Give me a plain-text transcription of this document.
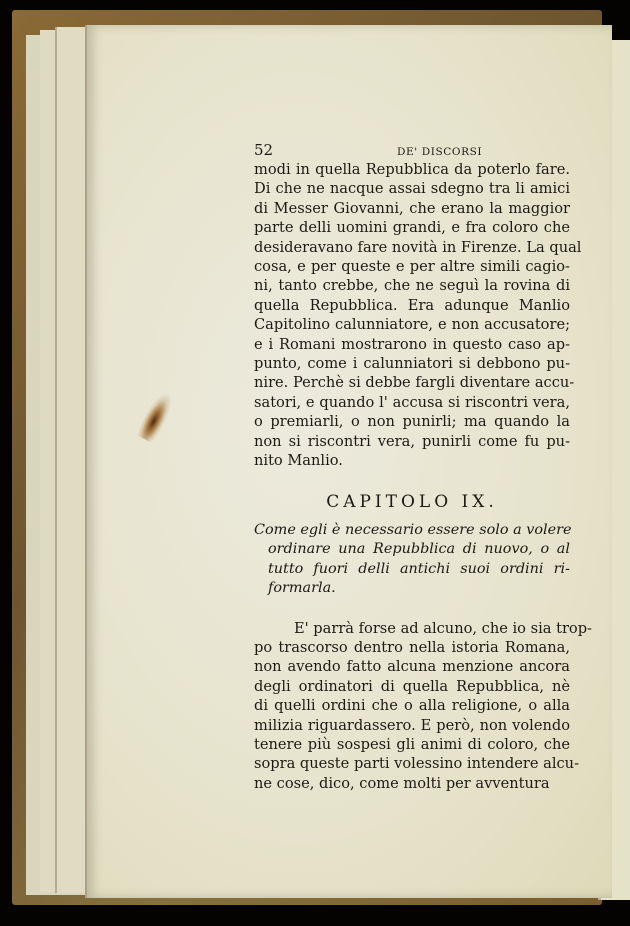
52	DE' DISCORSI
modi in quella Repubblica da poterlo fare.
Di che ne nacque assai sdegno tra li amici
di Messer Giovanni, che erano la maggior
parte delli uomini grandi, e fra coloro che
desideravano fare novità in Firenze. La qual
cosa, e per queste e per altre simili cagio-
ni, tanto crebbe, che ne seguì la rovina di
quella Repubblica. Era adunque Manlio
Capitolino calunniatore, e non accusatore;
e i Romani mostrarono in questo caso ap-
punto, come i calunniatori si debbono pu-
nire. Perchè si debbe fargli diventare accu-
satori, e quando l' accusa si riscontri vera,
o premiarli, o non punirli; ma quando la
non si riscontri vera, punirli come fu pu-
nito Manlio.
CAPITOLO IX.
Come egli è necessario essere solo a volere
ordinare una Repubblica di nuovo, o al
tutto fuori delli antichi suoi ordini ri-
formarla.
E' parrà forse ad alcuno, che io sia trop-
po trascorso dentro nella istoria Romana,
non avendo fatto alcuna menzione ancora
degli ordinatori di quella Repubblica, nè
di quelli ordini che o alla religione, o alla
milizia riguardassero. E però, non volendo
tenere più sospesi gli animi di coloro, che
sopra queste parti volessino intendere alcu-
ne cose, dico, come molti per avventura
